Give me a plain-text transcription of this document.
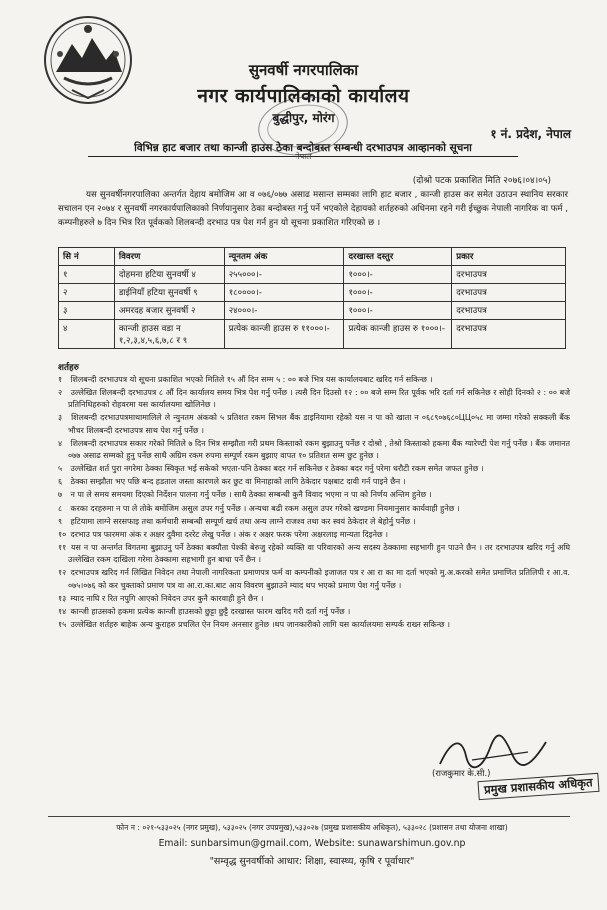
सुनवर्षी नगरपालिका
नगर कार्यपालिकाको कार्यालय
बुद्धीपुर, मोरंग
१ नं. प्रदेश, नेपाल
विभिन्न हाट बजार तथा कान्जी हाउस ठेका बन्दोबस्त सम्बन्धी दरभाउपत्र आव्हानको सूचना
नेपाल
(दोश्रो पटक प्रकाशित मिति २०७६।०४।०५)
यस सुनवर्षीनगरपालिका अन्तर्गत देहाय बमोजिम आ व ०७६/०७७ असाढ मसान्त सम्मका लागि हाट बजार , कान्जी हाउस कर समेत उठाउन स्थानिय सरकार सचालन एन २०७४ र सुनवर्षी नगरकार्यपालिकाको निर्णयानुसार ठेका बन्दोबस्त गर्नु पर्ने भएकोले देहायको शर्तहरुको अधिनमा रहने गरी ईच्छुक नेपाली नागरिक वा फर्म , कम्पनीहरुले ७ दिन भित्र रित पूर्वकको शिलबन्दी दरभाउ पत्र पेश गर्न हुन यो सूचना प्रकाशित गरिएको छ ।
सि नं	विवरण	न्यूनतम अंक	दरखास्त दस्तुर	प्रकार
१	दोहमना हटिया सुनवर्षी ४	२५५०००।-	१०००।-	दरभाउपत्र
२	डाईनियाँ हटिया सुनवर्षी ९	१८००००।-	१०००।-	दरभाउपत्र
३	अमरदह बजार सुनवर्षी २	२४०००।-	१०००।-	दरभाउपत्र
४	कान्जी हाउस वडा न १,२,३,४,५,६,७,८ र ९	प्रत्येक कान्जी हाउस रु ११०००।-	प्रत्येक कान्जी हाउस रु १०००।-	दरभाउपत्र
शर्तहरु
१ शिलबन्दी दरभाउपत्र यो सूचना प्रकाशित भएको मितिले १५ औं दिन सम्म ५ : ०० बजे भित्र यस कार्यालयबाट खरिद गर्न सकिन्छ ।
२ उल्लेखित शिलबन्दी दरभाउपत्र ८ औं दिन कार्यालय समय भित्र पेश गर्नु पर्नेछ । त्यसै दिन दिउसो १२ : ०० बजे सम्म रित पूर्वक भरि दर्ता गर्न सकिनेछ र सोही दिनको २ : ०० बजे प्रतिनिधिहरुको रोहवरमा यस कार्यालयमा खोलिनेछ ।
३ शिलबन्दी दरभाउपत्रमाथामालिले ले न्युनतम अंकको ५ प्रतिशत रकम सिभल बैंक डाइनियामा रहेको यस न पा को खाता न ०६८९०७६८०ЦЦ०५८ मा जम्मा गरेको सक्कली बैंक भौचर शिलबन्दी दरभाउपत्र साथ पेश गर्नु पर्नेछ ।
४ शिलबन्दी दरभाउपत्र सकार गरेको मितिले ७ दिन भित्र सम्झौता गरी प्रथम किस्ताको रकम बुझाउनु पर्नेछ र दोश्रो , तेश्रो किस्ताको हकमा बैंक ग्यारेण्टी पेश गर्नु पर्नेछ । बैंक जमानत ०७७ असाढ सम्मको हुनु पर्नेछ साथै अग्रिम रकम रुपमा सम्पूर्ण रकम बुझाए वापत १० प्रतिशत सम्म छुट हुनेछ ।
५ उल्लेखित शर्त पुरा नगरेमा ठेक्का स्विकृत भई सकेको भएता-पनि ठेक्का बदर गर्न सकिनेछ र ठेक्का बदर गर्नु परेमा धरौटी रकम समेत जफत हुनेछ ।
६ ठेक्का सम्झौता भए पछि बन्द हडताल जस्ता कारणले कर छुट वा मिनाहाको लागि ठेकेदार पक्षबाट दावी गर्न पाइने छैन ।
७ न पा ले समय समयमा दिएको निर्देशन पालना गर्नु पर्नेछ । साथै ठेक्का सम्बन्धी कुनै विवाद भएमा न पा को निर्णय अन्तिम हुनेछ ।
८ करका दरहरुमा न पा ले तोके बमोजिम असुल उपर गर्नु पर्नेछ । अन्यथा बढी रकम असुल उपर गरेको खण्डमा नियमानुसार कार्यवाही हुनेछ ।
९ हटियामा लाग्ने सरसफाइ तथा कर्मचारी सम्बन्धी सम्पूर्ण खर्च तथा अन्य लाग्ने राजश्व तथा कर स्वयं ठेकेदार ले बेहोर्नु पर्नेछ ।
१० दरभाउ पत्र फारममा अंक र अक्षर दुवैमा दररेट लेखु पर्नेछ । अंक र अक्षर फरक परेमा अक्षरलाइ मान्यता दिइनेछ ।
११ यस न पा अन्तर्गत विगतमा बुझाउनु पर्ने ठेक्का बक्यौता पेश्की बेरुजु रहेको व्यक्ति वा परिवारको अन्य सदस्य ठेक्कामा सहभागी हुन पाउने छैन । तर दरभाउपत्र खरिद गर्नु अघि उल्लेखित रकम दाखिला गरेमा ठेक्कामा सहभागी हुन बाधा पर्ने छैन ।
१२ दरभाउपत्र खरिद गर्न लिखित निवेदन तथा नेपाली नागरिकता प्रमाणपत्र फर्म वा कम्पनीको इजाजत पत्र र आ रा का मा दर्ता भएको मु.अ.करको समेत प्रमाणित प्रतिलिपी र आ.व. ०७५।०७६ को कर चुक्ताको प्रमाण पत्र वा आ.रा.का.बाट आय विवरण बुझाउने म्याद थप भएको प्रमाण पेश गर्नु पर्नेछ ।
१३ म्याद नाघि र रित नपुगि आएको निवेदन उपर कुनै कारवाही हुने छैन ।
१४ कान्जी हाउसको हकमा प्रत्येक कान्जी हाउसको छुट्टा छुट्टै दरखास्त फारम खरिद गरी दर्ता गर्नु पर्नेछ ।
१५ उल्लेखित शर्तहरु बाहेक अन्य कुराहरु प्रचलित ऐन नियम अनसार हुनेछ ।थप जानकारीको लागि यस कार्यालयमा सम्पर्क राख्न सकिन्छ ।
(राजकुमार के.सी.)
प्रमुख प्रशासकीय अधिकृत
फोन न : ०२१-५३३०२५ (नगर प्रमुख), ५३३०२५ (नगर उपप्रमुख),५३३०२७ (प्रमुख प्रशासकीय अधिकृत), ५३३०२८ (प्रशासन तथा योजना शाखा)
Email: sunbarsimun@gmail.com, Website: sunawarshimun.gov.np
"सम्वृद्ध सुनवर्षीको आधार: शिक्षा, स्वास्थ्य, कृषि र पूर्वाधार"
